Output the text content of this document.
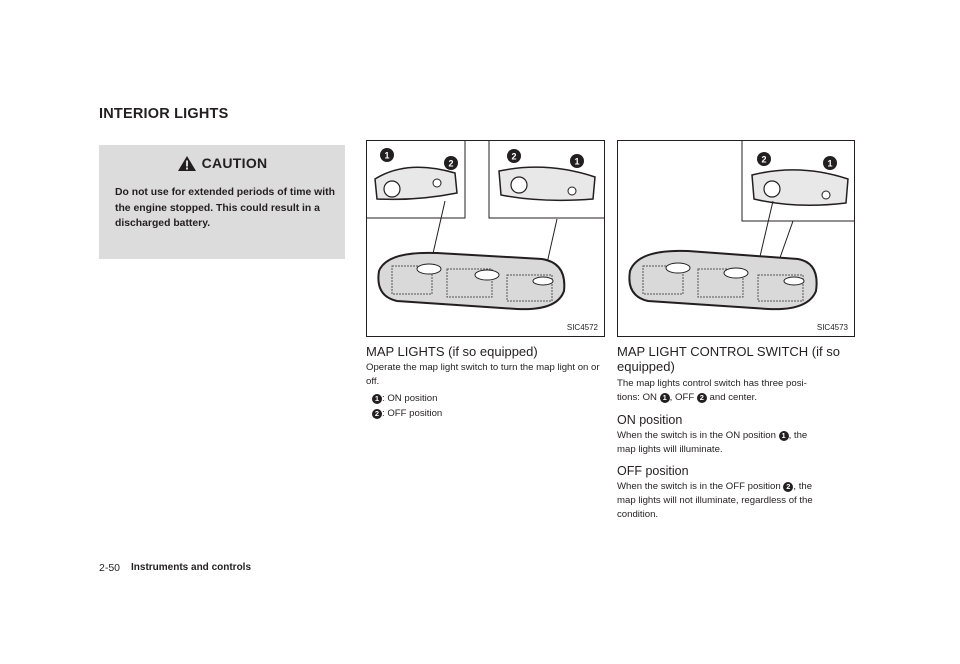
INTERIOR LIGHTS
CAUTION
Do not use for extended periods of time with the engine stopped. This could result in a discharged battery.
1
2
2	1
SIC4572
2	1
SIC4573
MAP LIGHTS (if so equipped)
Operate the map light switch to turn the map light on or off.
1 : ON position
2 : OFF position
MAP LIGHT CONTROL SWITCH (if so
equipped)
The map lights control switch has three posi-
tions: ON 1 , OFF 2 and center.
ON position
When the switch is in the ON position 1 , the
map lights will illuminate.
OFF position
When the switch is in the OFF position 2 , the
map lights will not illuminate, regardless of the
condition.
2-50 Instruments and controls
